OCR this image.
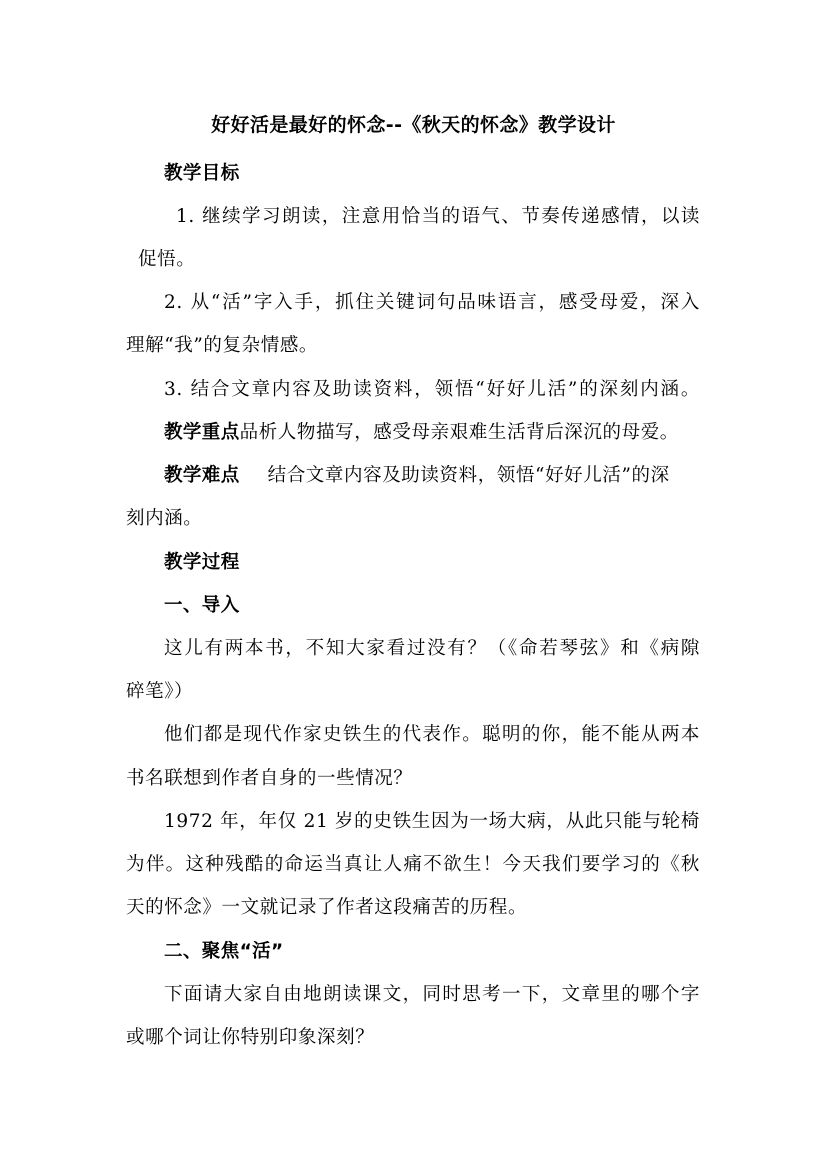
好好活是最好的怀念--《秋天的怀念》教学设计
教学目标
1. 继续学习朗读，注意用恰当的语气、节奏传递感情，以读
促悟。
2. 从“活”字入手，抓住关键词句品味语言，感受母爱，深入
理解“我”的复杂情感。
3. 结合文章内容及助读资料，领悟“好好儿活”的深刻内涵。
教学重点品析人物描写，感受母亲艰难生活背后深沉的母爱。
教学难点 结合文章内容及助读资料，领悟“好好儿活”的深
刻内涵。
教学过程
一、导入
这儿有两本书，不知大家看过没有？（《命若琴弦》和《病隙
碎笔》）
他们都是现代作家史铁生的代表作。聪明的你，能不能从两本
书名联想到作者自身的一些情况？
1972 年，年仅 21 岁的史铁生因为一场大病，从此只能与轮椅
为伴。这种残酷的命运当真让人痛不欲生！今天我们要学习的《秋
天的怀念》一文就记录了作者这段痛苦的历程。
二、聚焦“活”
下面请大家自由地朗读课文，同时思考一下，文章里的哪个字
或哪个词让你特别印象深刻？
